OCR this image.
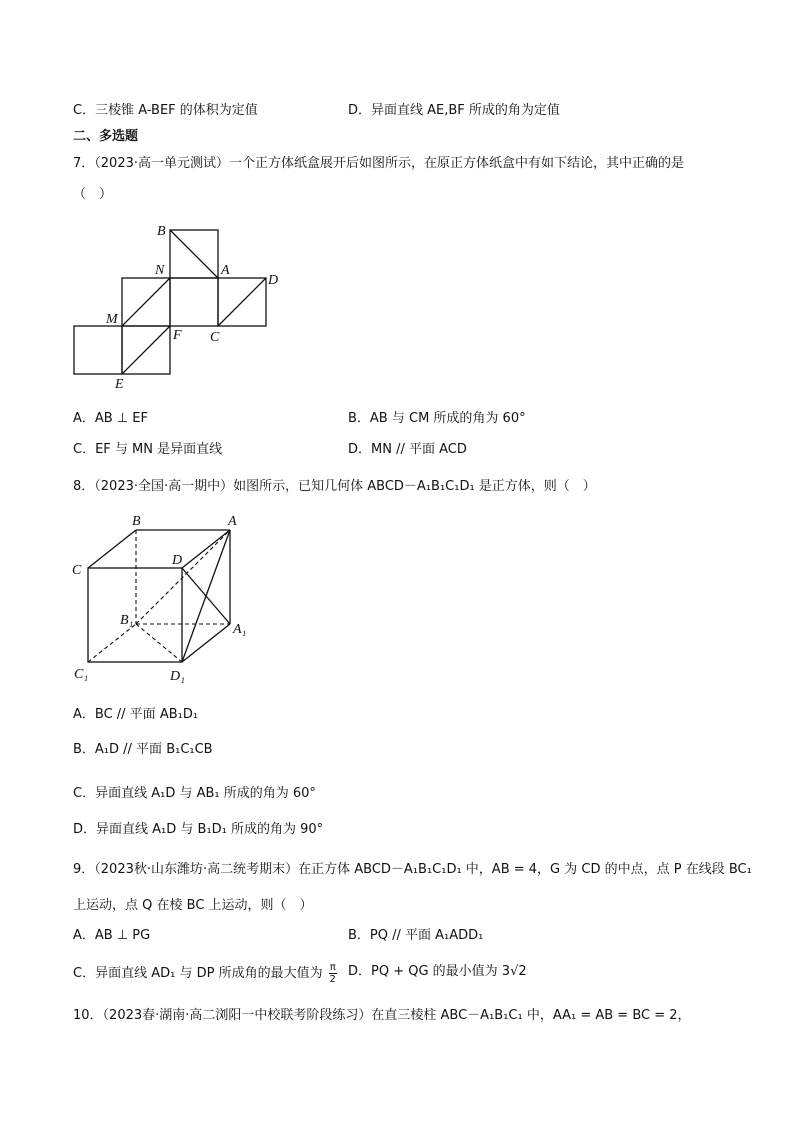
C．三棱锥 A-BEF 的体积为定值	D．异面直线 AE,BF 所成的角为定值
二、多选题
7．（2023·高一单元测试）一个正方体纸盒展开后如图所示，在原正方体纸盒中有如下结论，其中正确的是
（　）
B
N	A
D
M
F C
E
A．AB ⊥ EF	B．AB 与 CM 所成的角为 60°
C．EF 与 MN 是异面直线	D．MN // 平面 ACD
8．（2023·全国·高一期中）如图所示，已知几何体 ABCD－A₁B₁C₁D₁ 是正方体，则（　）
B	A
C
D
B₁
A₁
C₁	D₁
A．BC // 平面 AB₁D₁
B．A₁D // 平面 B₁C₁CB
C．异面直线 A₁D 与 AB₁ 所成的角为 60°
D．异面直线 A₁D 与 B₁D₁ 所成的角为 90°
9．（2023秋·山东潍坊·高二统考期末）在正方体 ABCD－A₁B₁C₁D₁ 中，AB = 4，G 为 CD 的中点，点 P 在线段 BC₁
上运动，点 Q 在棱 BC 上运动，则（　）
A．AB ⊥ PG	B．PQ // 平面 A₁ADD₁
C．异面直线 AD₁ 与 DP 所成角的最大值为 $\frac{\pi}{2}$ D．PQ + QG 的最小值为 3√2
10．（2023春·湖南·高二浏阳一中校联考阶段练习）在直三棱柱 ABC－A₁B₁C₁ 中，AA₁ = AB = BC = 2，
